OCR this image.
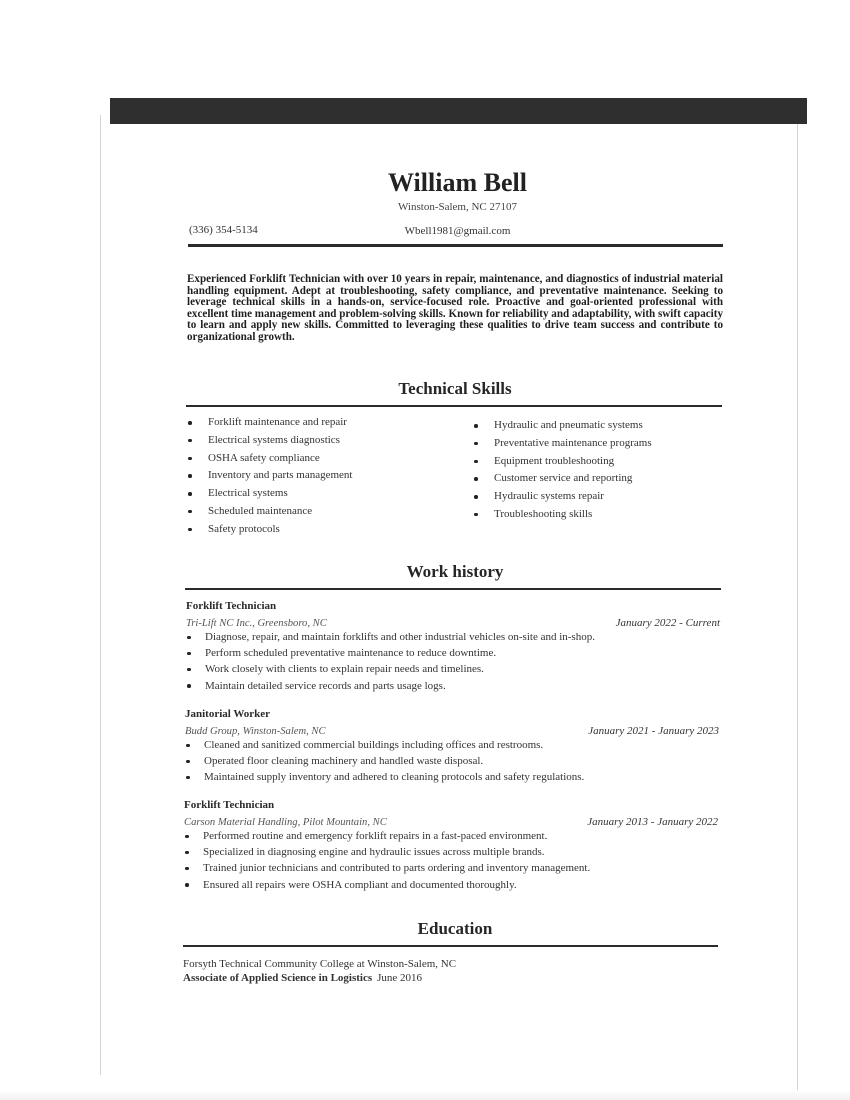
William Bell
Winston-Salem, NC 27107
(336) 354-5134	Wbell1981@gmail.com
Experienced Forklift Technician with over 10 years in repair, maintenance, and diagnostics of industrial material handling equipment. Adept at troubleshooting, safety compliance, and preventative maintenance. Seeking to leverage technical skills in a hands-on, service-focused role. Proactive and goal-oriented professional with excellent time management and problem-solving skills. Known for reliability and adaptability, with swift capacity to learn and apply new skills. Committed to leveraging these qualities to drive team success and contribute to organizational growth.
Technical Skills
Forklift maintenance and repair
Electrical systems diagnostics
OSHA safety compliance
Inventory and parts management
Electrical systems
Scheduled maintenance
Safety protocols
Hydraulic and pneumatic systems
Preventative maintenance programs
Equipment troubleshooting
Customer service and reporting
Hydraulic systems repair
Troubleshooting skills
Work history
Forklift Technician
Tri-Lift NC Inc., Greensboro, NC	January 2022 - Current
Diagnose, repair, and maintain forklifts and other industrial vehicles on-site and in-shop.
Perform scheduled preventative maintenance to reduce downtime.
Work closely with clients to explain repair needs and timelines.
Maintain detailed service records and parts usage logs.
Janitorial Worker
Budd Group, Winston-Salem, NC	January 2021 - January 2023
Cleaned and sanitized commercial buildings including offices and restrooms.
Operated floor cleaning machinery and handled waste disposal.
Maintained supply inventory and adhered to cleaning protocols and safety regulations.
Forklift Technician
Carson Material Handling, Pilot Mountain, NC	January 2013 - January 2022
Performed routine and emergency forklift repairs in a fast-paced environment.
Specialized in diagnosing engine and hydraulic issues across multiple brands.
Trained junior technicians and contributed to parts ordering and inventory management.
Ensured all repairs were OSHA compliant and documented thoroughly.
Education
Forsyth Technical Community College at Winston-Salem, NC
Associate of Applied Science in Logistics June 2016
